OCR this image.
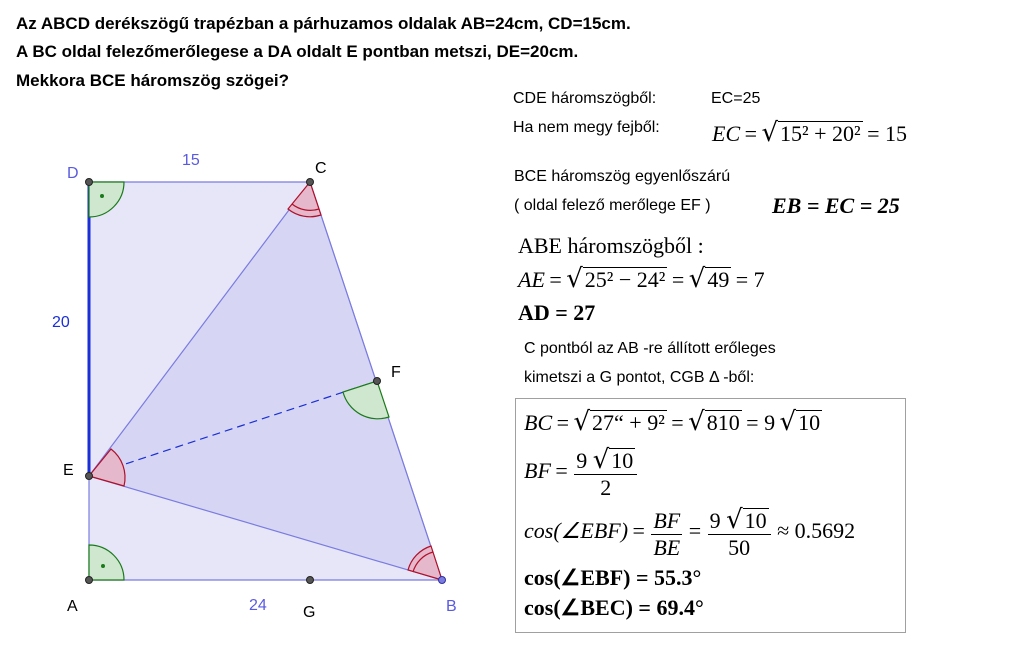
Az ABCD derékszögű trapézban a párhuzamos oldalak AB=24cm, CD=15cm.
A BC oldal felezőmerőlegese a DA oldalt E pontban metszi, DE=20cm.
Mekkora BCE háromszög szögei?
D	C
E
F
A	G	B
15
20
24
CDE háromszögből:	EC=25
Ha nem megy fejből: EC = √15² + 20² = 15
BCE háromszög egyenlőszárú
( oldal felező merőlege EF )	EB = EC = 25
ABE háromszögből :
AE = √25² − 24² = √49 = 7
AD = 27
C pontból az AB -re állított erőleges
kimetszi a G pontot, CGB Δ -ből:
BC = √27“ + 9² = √810 = 9 √10
BF = $\frac{9 √10}{2}$
cos(∠EBF) = $\frac{BF}{BE} = \frac{9 √10}{50} \approx 0.5692$
cos(∠EBF) = 55.3°
cos(∠BEC) = 69.4°
